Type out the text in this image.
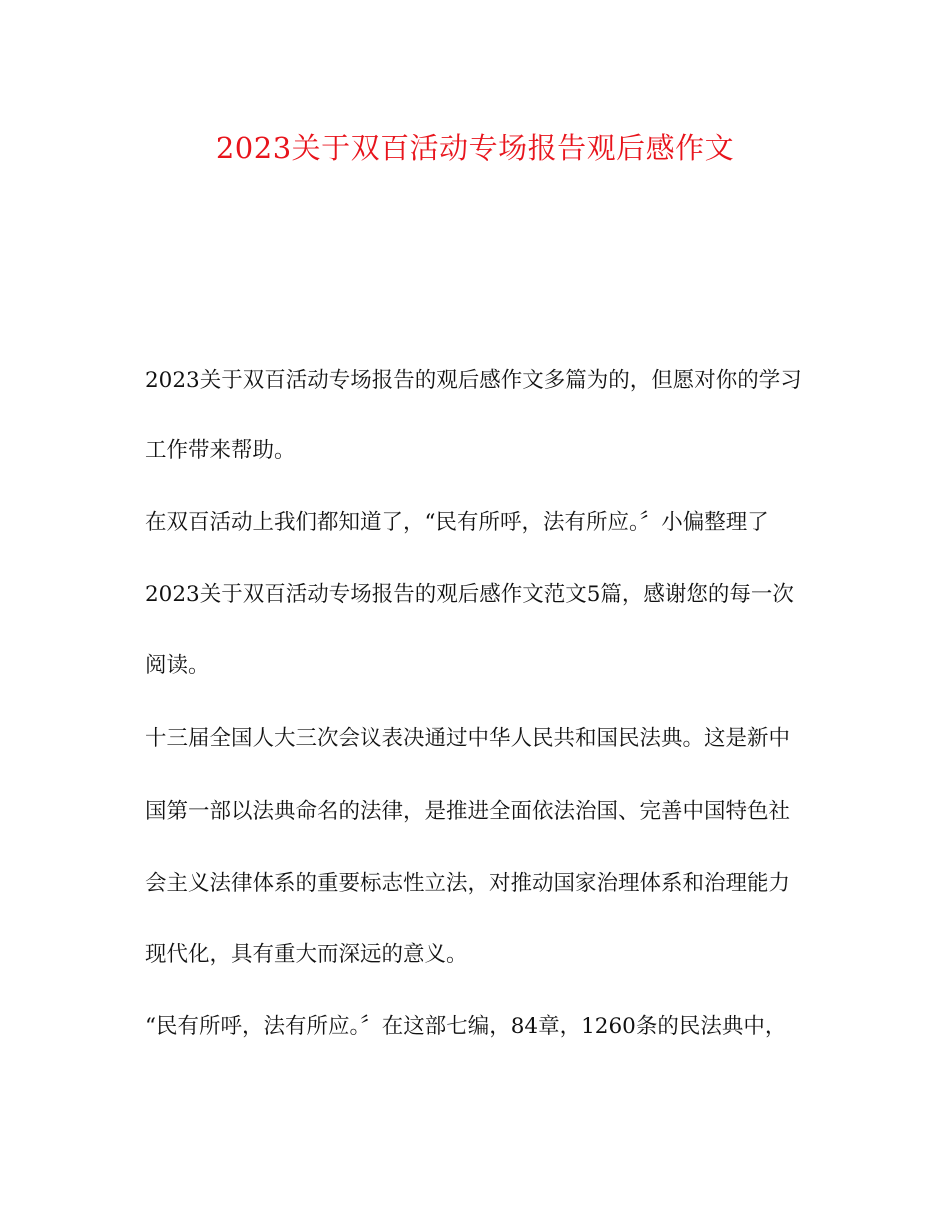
2023关于双百活动专场报告观后感作文
2023关于双百活动专场报告的观后感作文多篇为的，但愿对你的学习
工作带来帮助。
在双百活动上我们都知道了，“民有所呼，法有所应。〞小偏整理了
2023关于双百活动专场报告的观后感作文范文5篇，感谢您的每一次
阅读。
十三届全国人大三次会议表决通过中华人民共和国民法典。这是新中
国第一部以法典命名的法律，是推进全面依法治国、完善中国特色社
会主义法律体系的重要标志性立法，对推动国家治理体系和治理能力
现代化，具有重大而深远的意义。
“民有所呼，法有所应。〞在这部七编，84章，1260条的民法典中，
